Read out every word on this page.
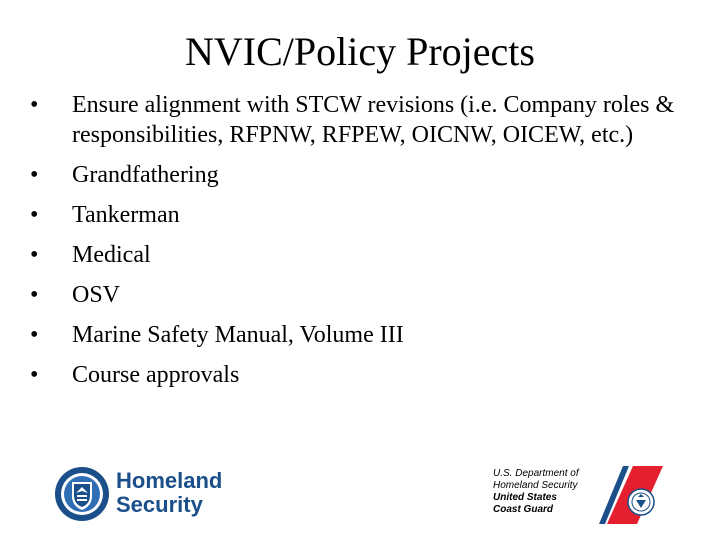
NVIC/Policy Projects
• Ensure alignment with STCW revisions (i.e. Company roles & responsibilities, RFPNW, RFPEW, OICNW, OICEW, etc.)
• Grandfathering
• Tankerman
• Medical
• OSV
• Marine Safety Manual, Volume III
• Course approvals
Homeland
Security
U.S. Department of
Homeland Security
United States
Coast Guard
